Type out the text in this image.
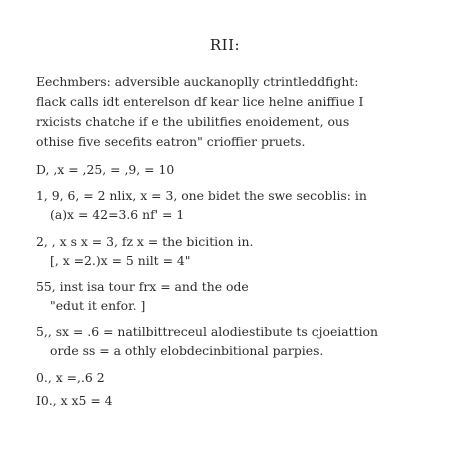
RII:
Eechmbers: adversible auckanoplly ctrintleddfight:
flack calls idt enterelson df kear lice helne aniffiue I
rxicists chatche if e the ubilitfies enoidement, ous
othise five secefits eatron" crioffier pruets.
D, ,x = ,25, = ,9, = 10
1, 9, 6, = 2 nlix, x = 3, one bidet the swe secoblis: in
(a)x = 42=3.6 nf' = 1
2, , x s x = 3, fz x = the bicition in.
[, x =2.)x = 5 nilt = 4"
55, inst isa tour frx = and the ode
"edut it enfor. ]
5,, sx = .6 = natilbittreceul alodiestibute ts cjoeiattion
orde ss = a othly elobdecinbitional parpies.
0., x =,.6 2
I0., x x5 = 4
